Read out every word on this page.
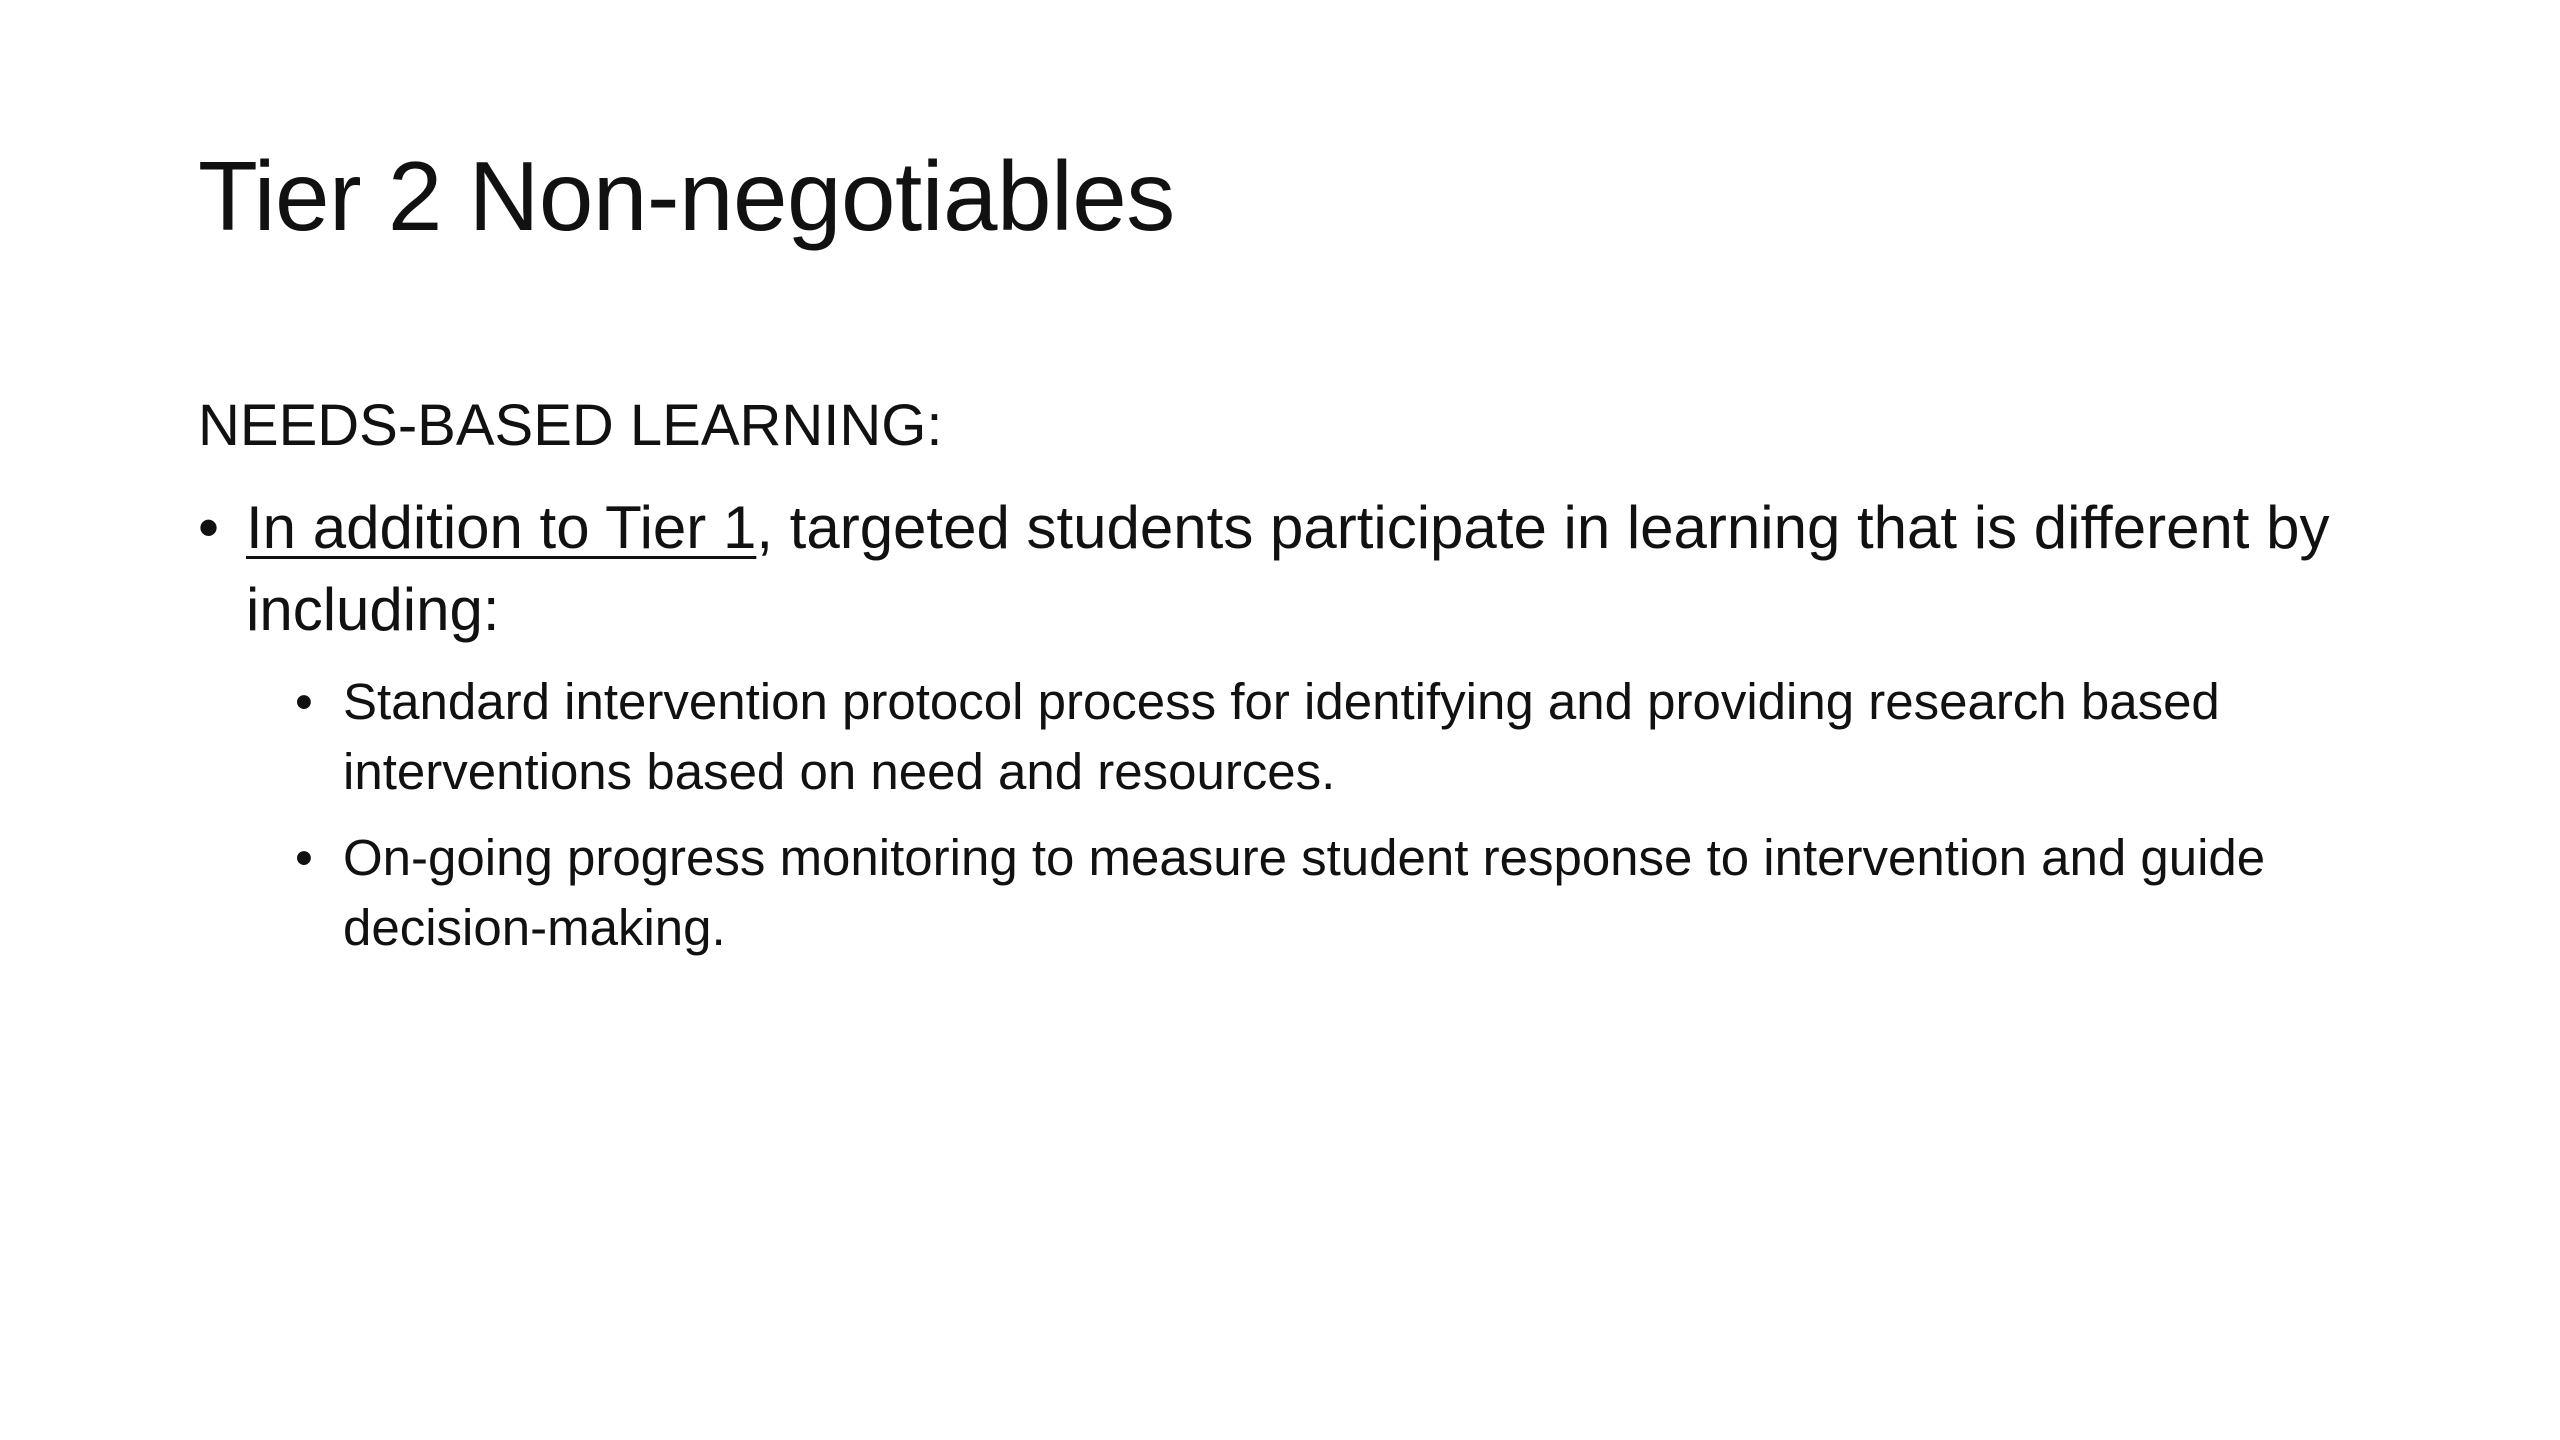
Tier 2 Non-negotiables

NEEDS-BASED LEARNING:

• In addition to Tier 1, targeted students participate in learning that is different by including:
• Standard intervention protocol process for identifying and providing research based interventions based on need and resources.
• On-going progress monitoring to measure student response to intervention and guide decision-making.
